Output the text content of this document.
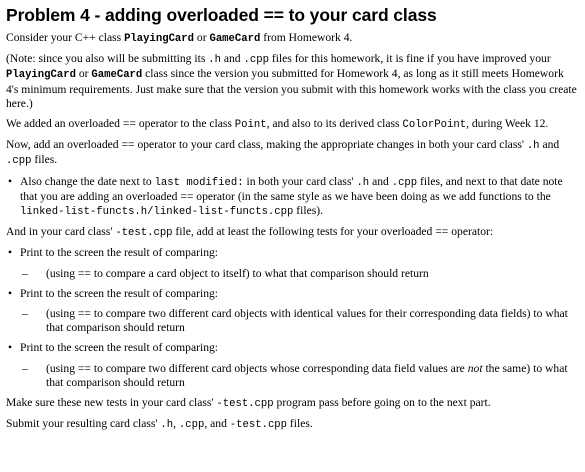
Problem 4 - adding overloaded == to your card class

Consider your C++ class PlayingCard or GameCard from Homework 4.

(Note: since you also will be submitting its .h and .cpp files for this homework, it is fine if you have improved your PlayingCard or GameCard class since the version you submitted for Homework 4, as long as it still meets Homework 4's minimum requirements. Just make sure that the version you submit with this homework works with the class you create here.)

We added an overloaded == operator to the class Point, and also to its derived class ColorPoint, during Week 12.

Now, add an overloaded == operator to your card class, making the appropriate changes in both your card class' .h and .cpp files.

• Also change the date next to last modified: in both your card class' .h and .cpp files, and next to that date note that you are adding an overloaded == operator (in the same style as we have been doing as we add functions to the linked-list-functs.h/linked-list-functs.cpp files).

And in your card class' -test.cpp file, add at least the following tests for your overloaded == operator:

• Print to the screen the result of comparing:
– (using == to compare a card object to itself) to what that comparison should return
• Print to the screen the result of comparing:
– (using == to compare two different card objects with identical values for their corresponding data fields) to what that comparison should return
• Print to the screen the result of comparing:
– (using == to compare two different card objects whose corresponding data field values are not the same) to what that comparison should return

Make sure these new tests in your card class' -test.cpp program pass before going on to the next part.

Submit your resulting card class' .h, .cpp, and -test.cpp files.
